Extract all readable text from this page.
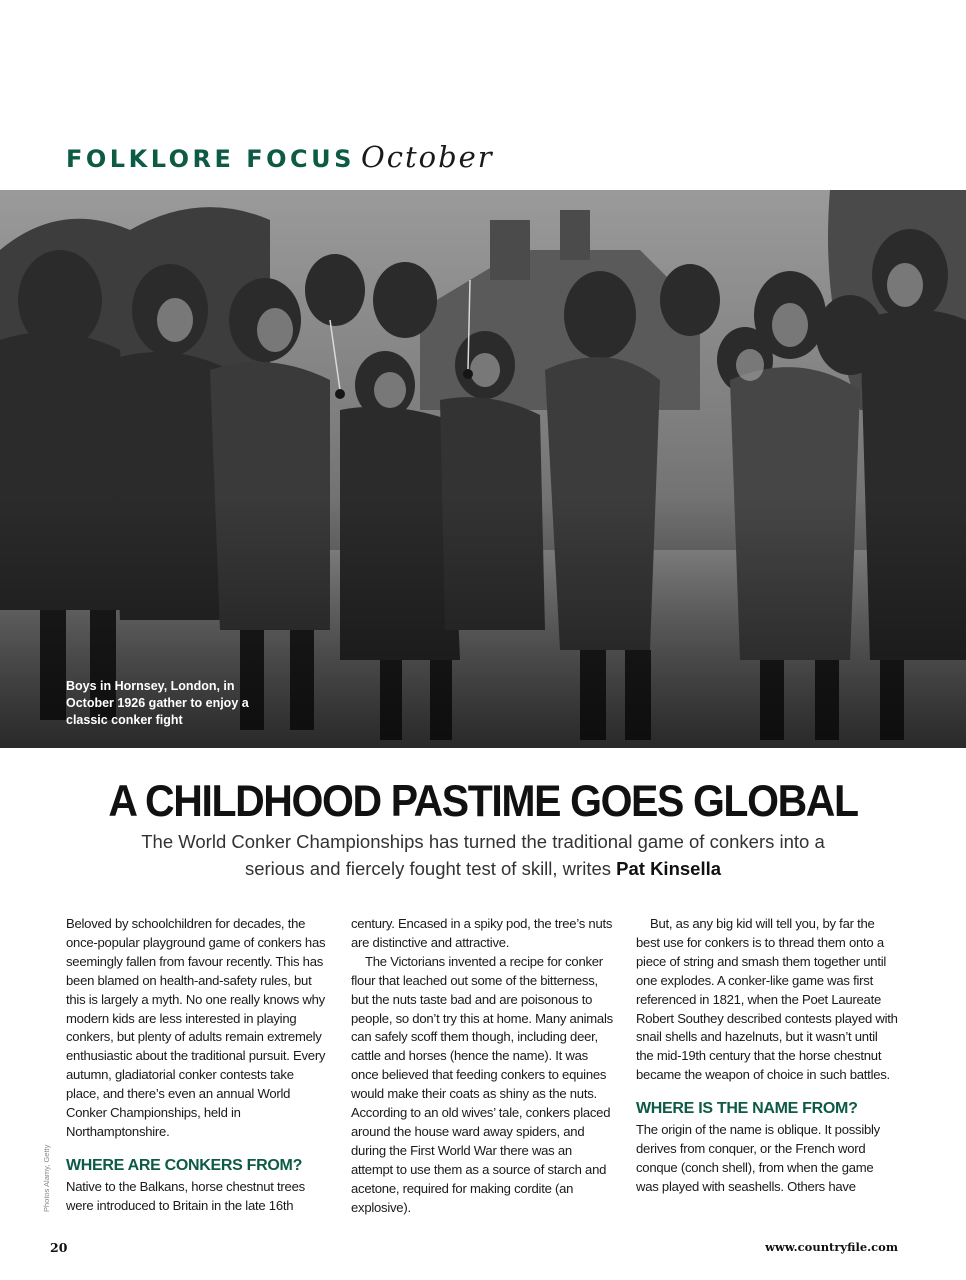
FOLKLORE FOCUS October
Boys in Hornsey, London, in October 1926 gather to enjoy a classic conker fight
A CHILDHOOD PASTIME GOES GLOBAL

The World Conker Championships has turned the traditional game of conkers into a serious and fiercely fought test of skill, writes Pat Kinsella

Beloved by schoolchildren for decades, the once-popular playground game of conkers has seemingly fallen from favour recently. This has been blamed on health-and-safety rules, but this is largely a myth. No one really knows why modern kids are less interested in playing conkers, but plenty of adults remain extremely enthusiastic about the traditional pursuit. Every autumn, gladiatorial conker contests take place, and there’s even an annual World Conker Championships, held in Northamptonshire.

WHERE ARE CONKERS FROM?

Native to the Balkans, horse chestnut trees were introduced to Britain in the late 16th

century. Encased in a spiky pod, the tree’s nuts are distinctive and attractive.

The Victorians invented a recipe for conker flour that leached out some of the bitterness, but the nuts taste bad and are poisonous to people, so don’t try this at home. Many animals can safely scoff them though, including deer, cattle and horses (hence the name). It was once believed that feeding conkers to equines would make their coats as shiny as the nuts. According to an old wives’ tale, conkers placed around the house ward away spiders, and during the First World War there was an attempt to use them as a source of starch and acetone, required for making cordite (an explosive).

But, as any big kid will tell you, by far the best use for conkers is to thread them onto a piece of string and smash them together until one explodes. A conker-like game was first referenced in 1821, when the Poet Laureate Robert Southey described contests played with snail shells and hazelnuts, but it wasn’t until the mid-19th century that the horse chestnut became the weapon of choice in such battles.

WHERE IS THE NAME FROM?

The origin of the name is oblique. It possibly derives from conquer, or the French word conque (conch shell), from when the game was played with seashells. Others have

Photos Alamy, Getty
20	www.countryfile.com
